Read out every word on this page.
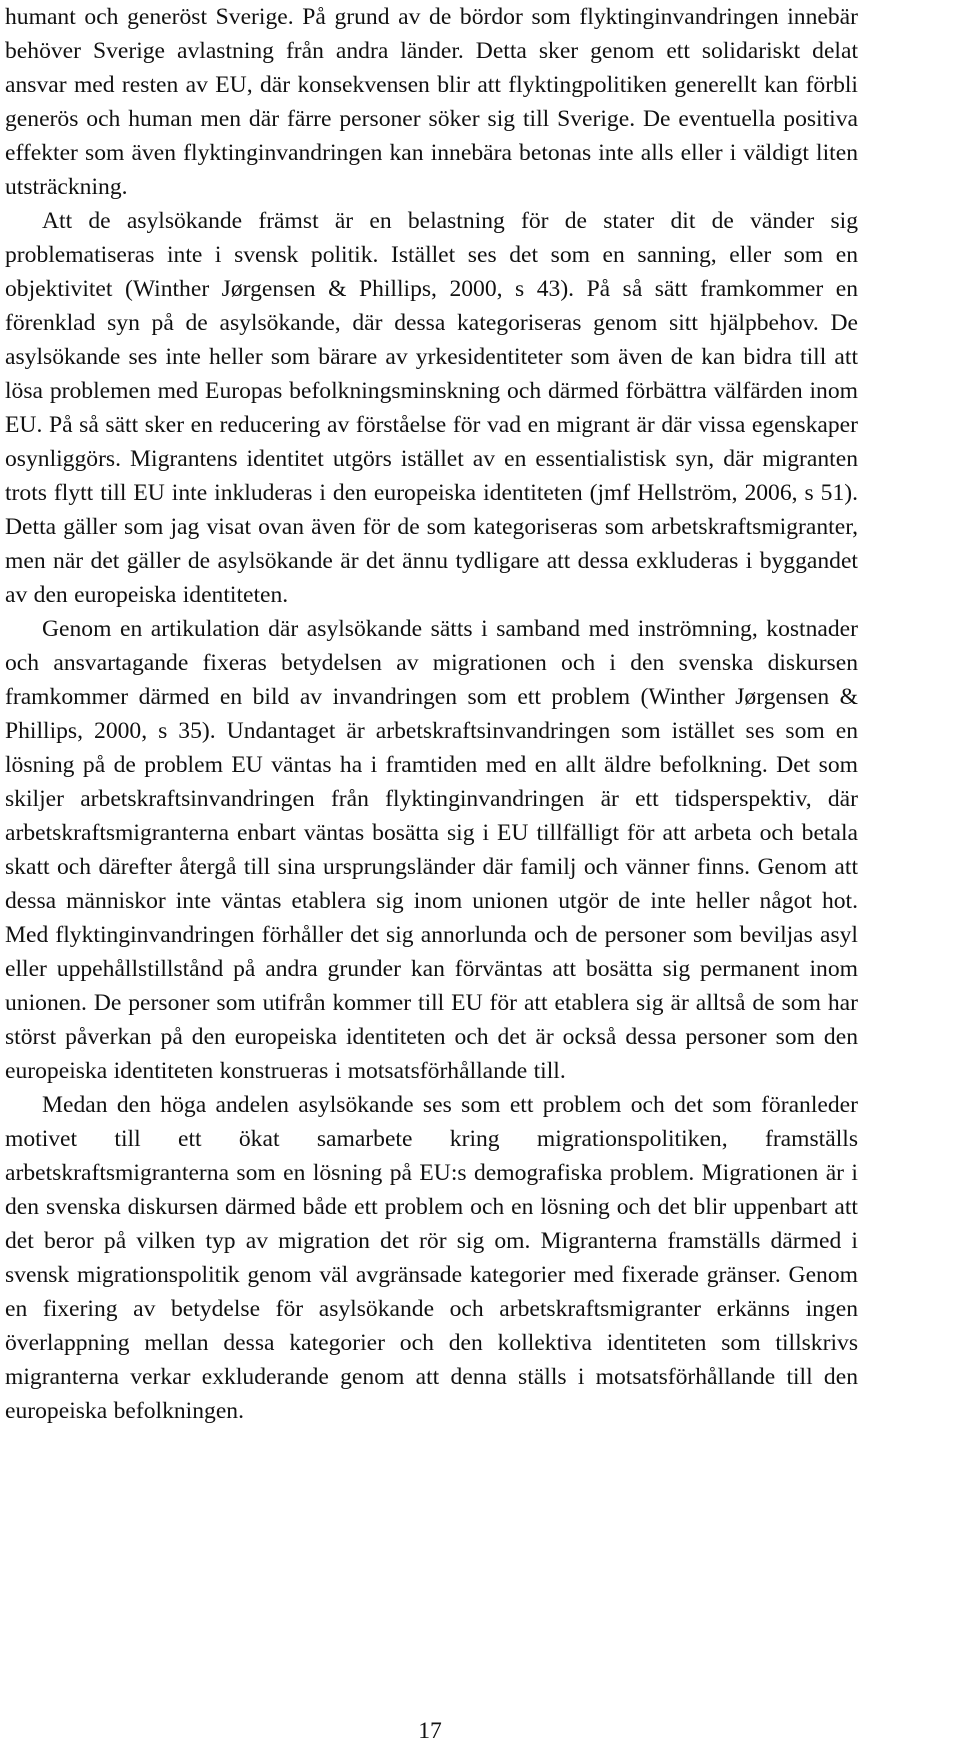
humant och generöst Sverige. På grund av de bördor som flyktinginvandringen innebär behöver Sverige avlastning från andra länder. Detta sker genom ett solidariskt delat ansvar med resten av EU, där konsekvensen blir att flyktingpolitiken generellt kan förbli generös och human men där färre personer söker sig till Sverige. De eventuella positiva effekter som även flyktinginvandringen kan innebära betonas inte alls eller i väldigt liten utsträckning.

Att de asylsökande främst är en belastning för de stater dit de vänder sig problematiseras inte i svensk politik. Istället ses det som en sanning, eller som en objektivitet (Winther Jørgensen & Phillips, 2000, s 43). På så sätt framkommer en förenklad syn på de asylsökande, där dessa kategoriseras genom sitt hjälpbehov. De asylsökande ses inte heller som bärare av yrkesidentiteter som även de kan bidra till att lösa problemen med Europas befolkningsminskning och därmed förbättra välfärden inom EU. På så sätt sker en reducering av förståelse för vad en migrant är där vissa egenskaper osynliggörs. Migrantens identitet utgörs istället av en essentialistisk syn, där migranten trots flytt till EU inte inkluderas i den europeiska identiteten (jmf Hellström, 2006, s 51). Detta gäller som jag visat ovan även för de som kategoriseras som arbetskraftsmigranter, men när det gäller de asylsökande är det ännu tydligare att dessa exkluderas i byggandet av den europeiska identiteten.

Genom en artikulation där asylsökande sätts i samband med inströmning, kostnader och ansvartagande fixeras betydelsen av migrationen och i den svenska diskursen framkommer därmed en bild av invandringen som ett problem (Winther Jørgensen & Phillips, 2000, s 35). Undantaget är arbetskraftsinvandringen som istället ses som en lösning på de problem EU väntas ha i framtiden med en allt äldre befolkning. Det som skiljer arbetskraftsinvandringen från flyktinginvandringen är ett tidsperspektiv, där arbetskraftsmigranterna enbart väntas bosätta sig i EU tillfälligt för att arbeta och betala skatt och därefter återgå till sina ursprungsländer där familj och vänner finns. Genom att dessa människor inte väntas etablera sig inom unionen utgör de inte heller något hot. Med flyktinginvandringen förhåller det sig annorlunda och de personer som beviljas asyl eller uppehållstillstånd på andra grunder kan förväntas att bosätta sig permanent inom unionen. De personer som utifrån kommer till EU för att etablera sig är alltså de som har störst påverkan på den europeiska identiteten och det är också dessa personer som den europeiska identiteten konstrueras i motsatsförhållande till.

Medan den höga andelen asylsökande ses som ett problem och det som föranleder motivet till ett ökat samarbete kring migrationspolitiken, framställs arbetskraftsmigranterna som en lösning på EU:s demografiska problem. Migrationen är i den svenska diskursen därmed både ett problem och en lösning och det blir uppenbart att det beror på vilken typ av migration det rör sig om. Migranterna framställs därmed i svensk migrationspolitik genom väl avgränsade kategorier med fixerade gränser. Genom en fixering av betydelse för asylsökande och arbetskraftsmigranter erkänns ingen överlappning mellan dessa kategorier och den kollektiva identiteten som tillskrivs migranterna verkar exkluderande genom att denna ställs i motsatsförhållande till den europeiska befolkningen.

17
